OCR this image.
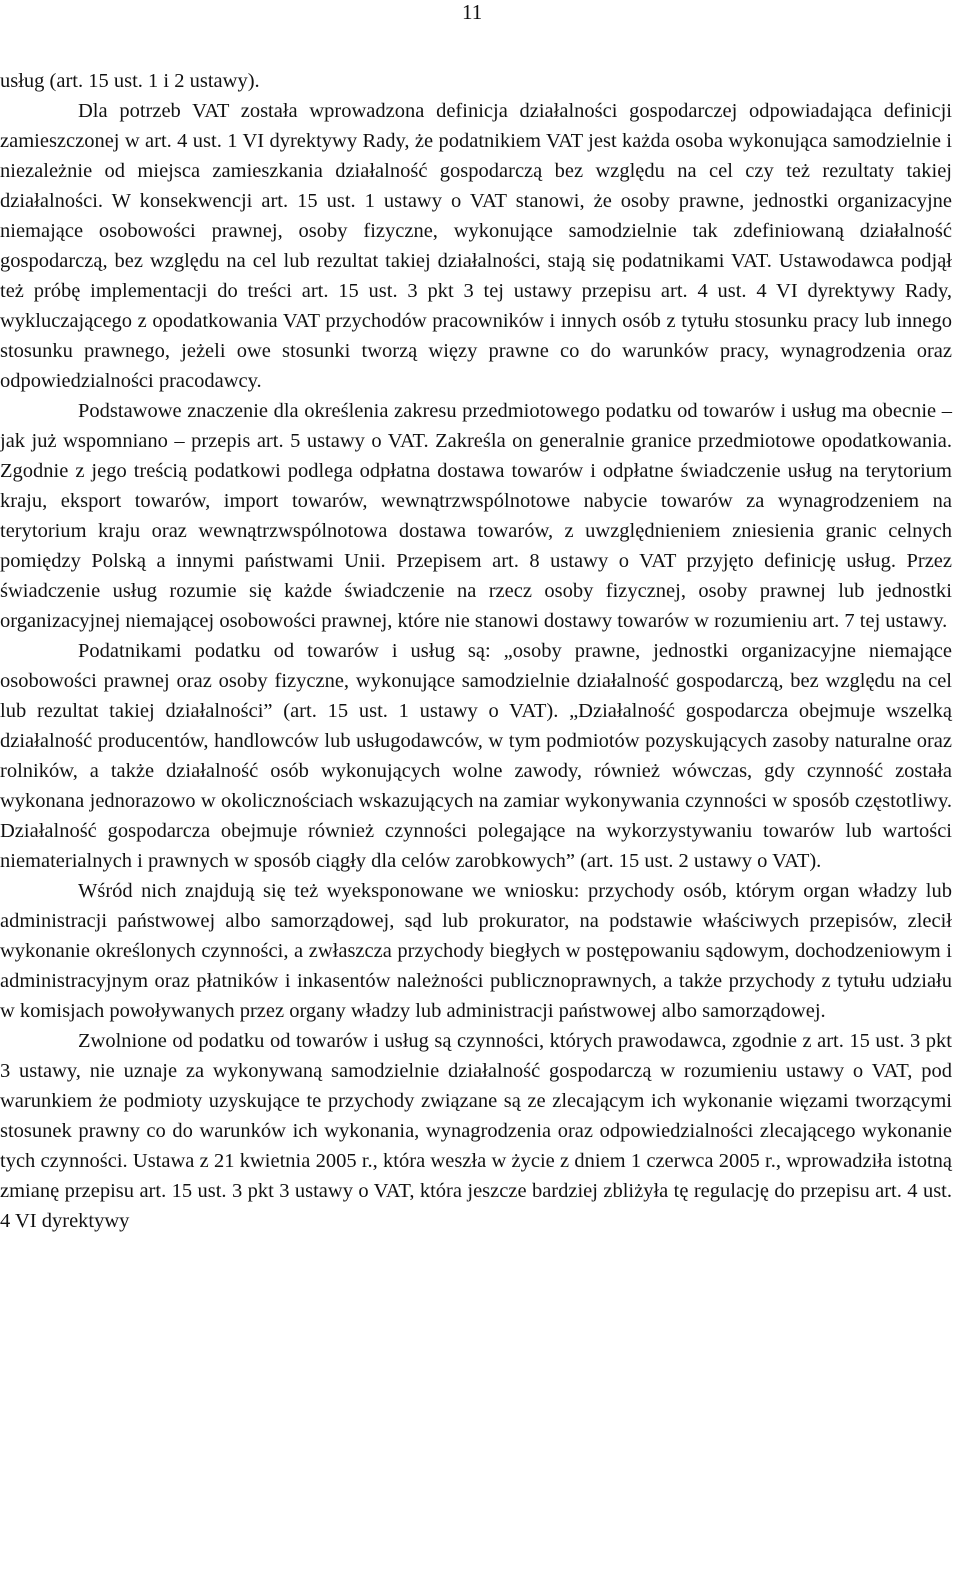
11

usług (art. 15 ust. 1 i 2 ustawy).

Dla potrzeb VAT została wprowadzona definicja działalności gospodarczej odpowiadająca definicji zamieszczonej w art. 4 ust. 1 VI dyrektywy Rady, że podatnikiem VAT jest każda osoba wykonująca samodzielnie i niezależnie od miejsca zamieszkania działalność gospodarczą bez względu na cel czy też rezultaty takiej działalności. W konsekwencji art. 15 ust. 1 ustawy o VAT stanowi, że osoby prawne, jednostki organizacyjne niemające osobowości prawnej, osoby fizyczne, wykonujące samodzielnie tak zdefiniowaną działalność gospodarczą, bez względu na cel lub rezultat takiej działalności, stają się podatnikami VAT. Ustawodawca podjął też próbę implementacji do treści art. 15 ust. 3 pkt 3 tej ustawy przepisu art. 4 ust. 4 VI dyrektywy Rady, wykluczającego z opodatkowania VAT przychodów pracowników i innych osób z tytułu stosunku pracy lub innego stosunku prawnego, jeżeli owe stosunki tworzą więzy prawne co do warunków pracy, wynagrodzenia oraz odpowiedzialności pracodawcy.

Podstawowe znaczenie dla określenia zakresu przedmiotowego podatku od towarów i usług ma obecnie – jak już wspomniano – przepis art. 5 ustawy o VAT. Zakreśla on generalnie granice przedmiotowe opodatkowania. Zgodnie z jego treścią podatkowi podlega odpłatna dostawa towarów i odpłatne świadczenie usług na terytorium kraju, eksport towarów, import towarów, wewnątrzwspólnotowe nabycie towarów za wynagrodzeniem na terytorium kraju oraz wewnątrzwspólnotowa dostawa towarów, z uwzględnieniem zniesienia granic celnych pomiędzy Polską a innymi państwami Unii. Przepisem art. 8 ustawy o VAT przyjęto definicję usług. Przez świadczenie usług rozumie się każde świadczenie na rzecz osoby fizycznej, osoby prawnej lub jednostki organizacyjnej niemającej osobowości prawnej, które nie stanowi dostawy towarów w rozumieniu art. 7 tej ustawy.

Podatnikami podatku od towarów i usług są: „osoby prawne, jednostki organizacyjne niemające osobowości prawnej oraz osoby fizyczne, wykonujące samodzielnie działalność gospodarczą, bez względu na cel lub rezultat takiej działalności” (art. 15 ust. 1 ustawy o VAT). „Działalność gospodarcza obejmuje wszelką działalność producentów, handlowców lub usługodawców, w tym podmiotów pozyskujących zasoby naturalne oraz rolników, a także działalność osób wykonujących wolne zawody, również wówczas, gdy czynność została wykonana jednorazowo w okolicznościach wskazujących na zamiar wykonywania czynności w sposób częstotliwy. Działalność gospodarcza obejmuje również czynności polegające na wykorzystywaniu towarów lub wartości niematerialnych i prawnych w sposób ciągły dla celów zarobkowych” (art. 15 ust. 2 ustawy o VAT).

Wśród nich znajdują się też wyeksponowane we wniosku: przychody osób, którym organ władzy lub administracji państwowej albo samorządowej, sąd lub prokurator, na podstawie właściwych przepisów, zlecił wykonanie określonych czynności, a zwłaszcza przychody biegłych w postępowaniu sądowym, dochodzeniowym i administracyjnym oraz płatników i inkasentów należności publicznoprawnych, a także przychody z tytułu udziału w komisjach powoływanych przez organy władzy lub administracji państwowej albo samorządowej.

Zwolnione od podatku od towarów i usług są czynności, których prawodawca, zgodnie z art. 15 ust. 3 pkt 3 ustawy, nie uznaje za wykonywaną samodzielnie działalność gospodarczą w rozumieniu ustawy o VAT, pod warunkiem że podmioty uzyskujące te przychody związane są ze zlecającym ich wykonanie więzami tworzącymi stosunek prawny co do warunków ich wykonania, wynagrodzenia oraz odpowiedzialności zlecającego wykonanie tych czynności. Ustawa z 21 kwietnia 2005 r., która weszła w życie z dniem 1 czerwca 2005 r., wprowadziła istotną zmianę przepisu art. 15 ust. 3 pkt 3 ustawy o VAT, która jeszcze bardziej zbliżyła tę regulację do przepisu art. 4 ust. 4 VI dyrektywy
